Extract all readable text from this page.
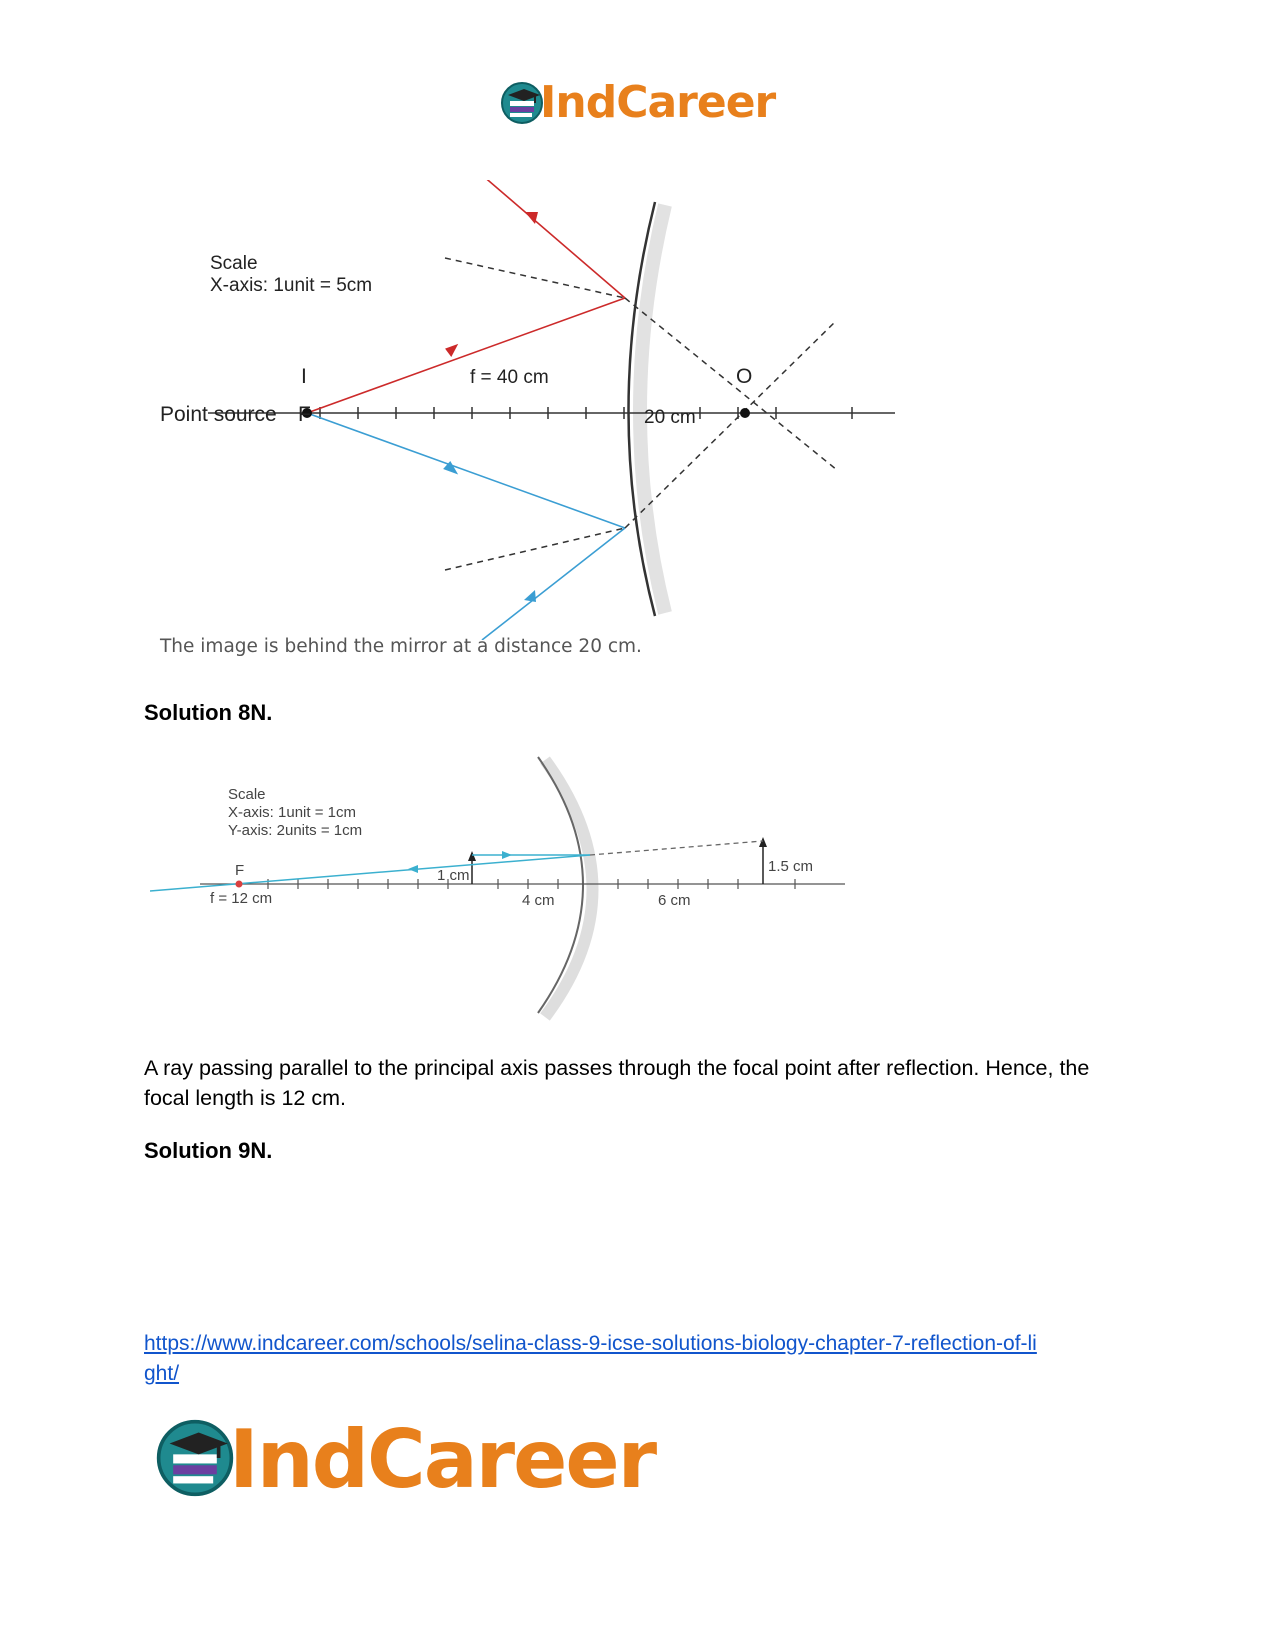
IndCareer
Scale
X-axis: 1unit = 5cm
I
Point source F
f = 40 cm	O
20 cm
The image is behind the mirror at a distance 20 cm.
Solution 8N.
Scale
X-axis: 1unit = 1cm
Y-axis: 2units = 1cm
F
f = 12 cm
1 cm
4 cm	6 cm
1.5 cm
A ray passing parallel to the principal axis passes through the focal point after reflection. Hence, the focal length is 12 cm.
Solution 9N.
https://www.indcareer.com/schools/selina-class-9-icse-solutions-biology-chapter-7-reflection-of-li
ght/
IndCareer
